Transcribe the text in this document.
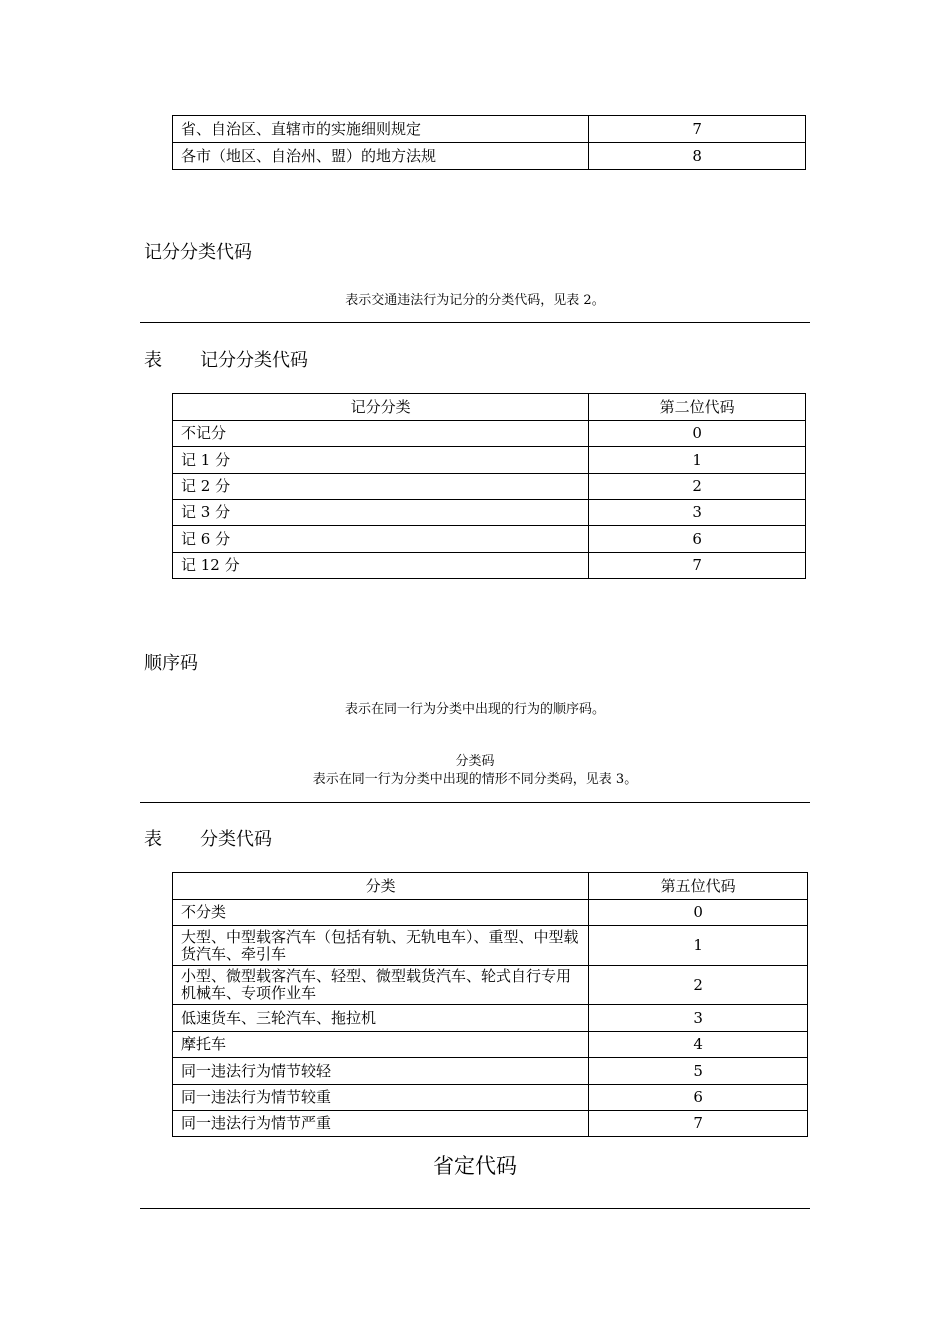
省、自治区、直辖市的实施细则规定	7
各市（地区、自治州、盟）的地方法规	8
记分分类代码
表示交通违法行为记分的分类代码，见表 2。
表 记分分类代码
记分分类	第二位代码
不记分	0
记 1 分	1
记 2 分	2
记 3 分	3
记 6 分	6
记 12 分	7
顺序码
表示在同一行为分类中出现的行为的顺序码。
分类码
表示在同一行为分类中出现的情形不同分类码，见表 3。
表 分类代码
分类	第五位代码
不分类	0
大型、中型载客汽车（包括有轨、无轨电车）、重型、中型载货汽车、牵引车	1
小型、微型载客汽车、轻型、微型载货汽车、轮式自行专用机械车、专项作业车	2
低速货车、三轮汽车、拖拉机	3
摩托车	4
同一违法行为情节较轻	5
同一违法行为情节较重	6
同一违法行为情节严重	7
省定代码
